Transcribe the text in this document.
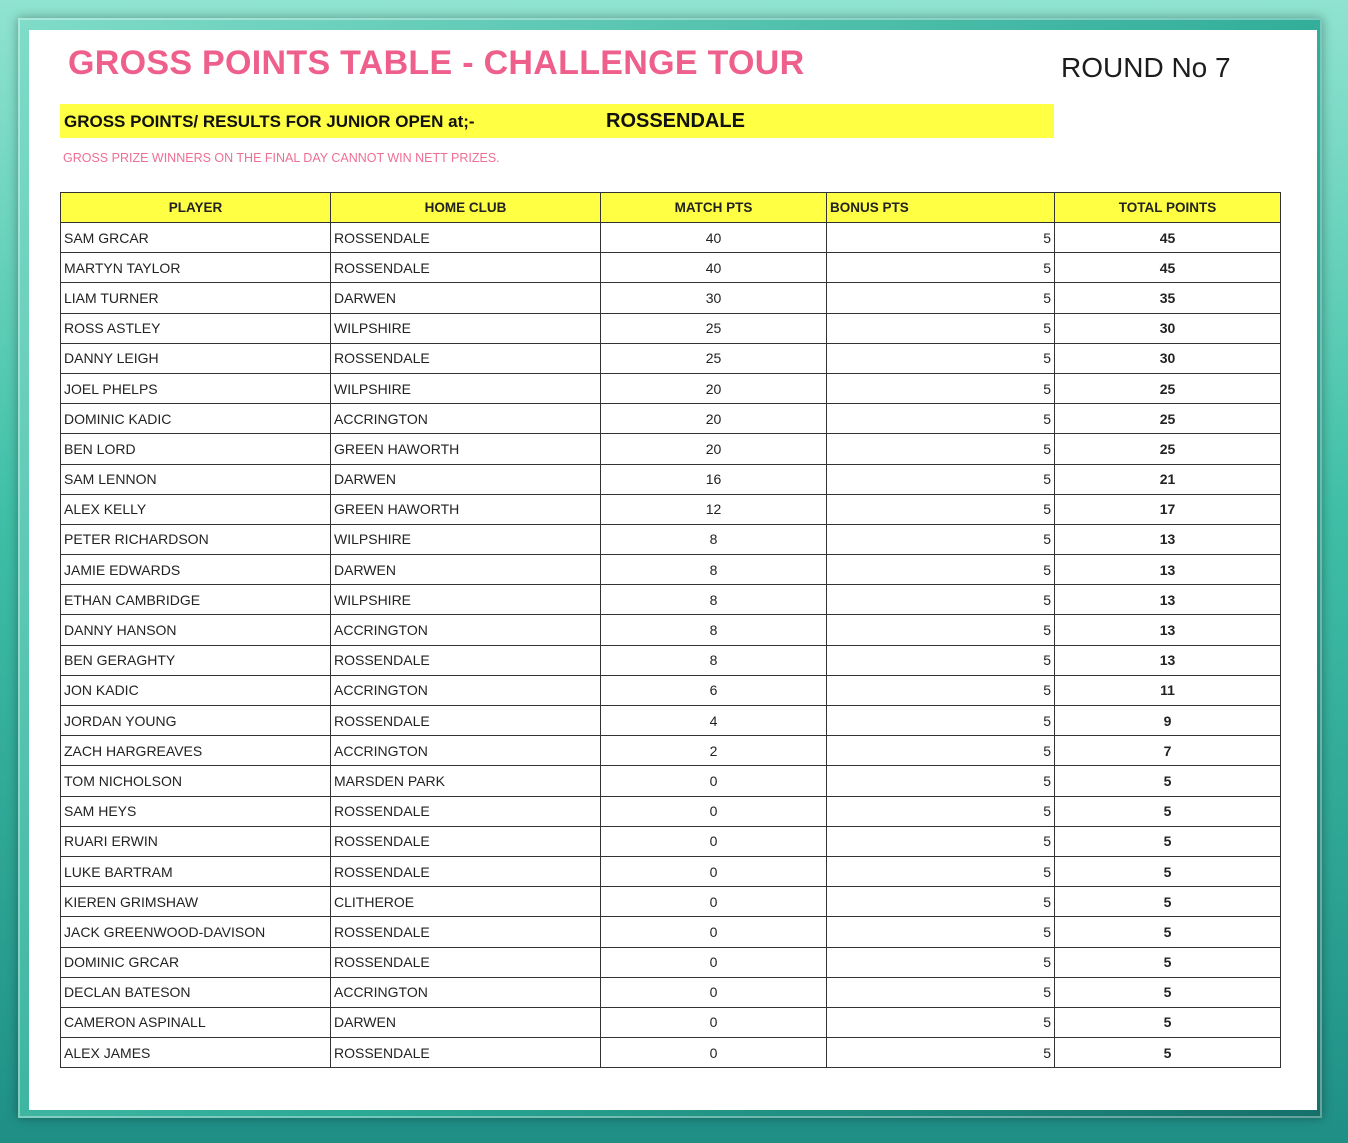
GROSS POINTS TABLE - CHALLENGE TOUR	ROUND No 7
GROSS POINTS/ RESULTS FOR JUNIOR OPEN at;-	ROSSENDALE
GROSS PRIZE WINNERS ON THE FINAL DAY CANNOT WIN NETT PRIZES.
PLAYER	HOME CLUB	MATCH PTS	BONUS PTS	TOTAL POINTS
SAM GRCAR	ROSSENDALE	40	5	45
MARTYN TAYLOR	ROSSENDALE	40	5	45
LIAM TURNER	DARWEN	30	5	35
ROSS ASTLEY	WILPSHIRE	25	5	30
DANNY LEIGH	ROSSENDALE	25	5	30
JOEL PHELPS	WILPSHIRE	20	5	25
DOMINIC KADIC	ACCRINGTON	20	5	25
BEN LORD	GREEN HAWORTH	20	5	25
SAM LENNON	DARWEN	16	5	21
ALEX KELLY	GREEN HAWORTH	12	5	17
PETER RICHARDSON	WILPSHIRE	8	5	13
JAMIE EDWARDS	DARWEN	8	5	13
ETHAN CAMBRIDGE	WILPSHIRE	8	5	13
DANNY HANSON	ACCRINGTON	8	5	13
BEN GERAGHTY	ROSSENDALE	8	5	13
JON KADIC	ACCRINGTON	6	5	11
JORDAN YOUNG	ROSSENDALE	4	5	9
ZACH HARGREAVES	ACCRINGTON	2	5	7
TOM NICHOLSON	MARSDEN PARK	0	5	5
SAM HEYS	ROSSENDALE	0	5	5
RUARI ERWIN	ROSSENDALE	0	5	5
LUKE BARTRAM	ROSSENDALE	0	5	5
KIEREN GRIMSHAW	CLITHEROE	0	5	5
JACK GREENWOOD-DAVISON	ROSSENDALE	0	5	5
DOMINIC GRCAR	ROSSENDALE	0	5	5
DECLAN BATESON	ACCRINGTON	0	5	5
CAMERON ASPINALL	DARWEN	0	5	5
ALEX JAMES	ROSSENDALE	0	5	5
